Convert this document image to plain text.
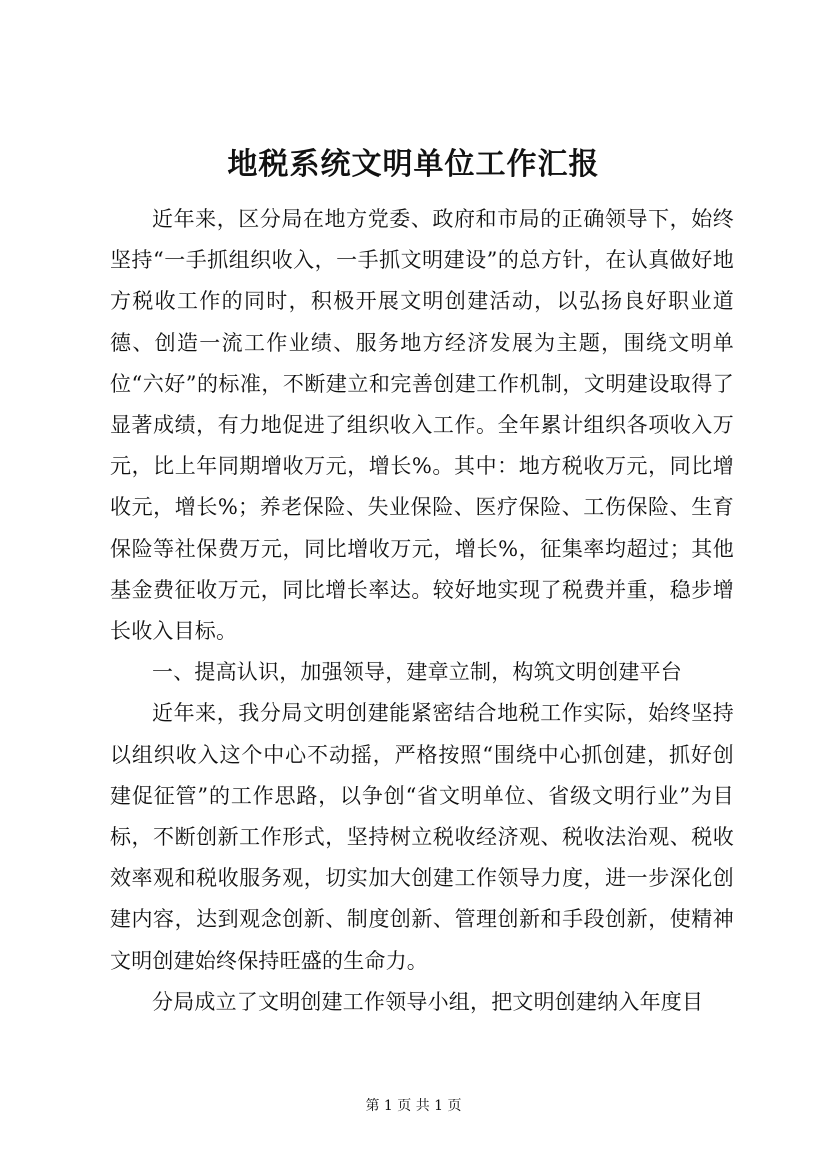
地税系统文明单位工作汇报

近年来，区分局在地方党委、政府和市局的正确领导下，始终坚持“一手抓组织收入，一手抓文明建设”的总方针，在认真做好地方税收工作的同时，积极开展文明创建活动，以弘扬良好职业道德、创造一流工作业绩、服务地方经济发展为主题，围绕文明单位“六好”的标准，不断建立和完善创建工作机制，文明建设取得了显著成绩，有力地促进了组织收入工作。全年累计组织各项收入万元，比上年同期增收万元，增长%。其中：地方税收万元，同比增收元，增长%；养老保险、失业保险、医疗保险、工伤保险、生育保险等社保费万元，同比增收万元，增长%，征集率均超过；其他基金费征收万元，同比增长率达。较好地实现了税费并重，稳步增长收入目标。

一、提高认识，加强领导，建章立制，构筑文明创建平台

近年来，我分局文明创建能紧密结合地税工作实际，始终坚持以组织收入这个中心不动摇，严格按照“围绕中心抓创建，抓好创建促征管”的工作思路，以争创“省文明单位、省级文明行业”为目标，不断创新工作形式，坚持树立税收经济观、税收法治观、税收效率观和税收服务观，切实加大创建工作领导力度，进一步深化创建内容，达到观念创新、制度创新、管理创新和手段创新，使精神文明创建始终保持旺盛的生命力。

分局成立了文明创建工作领导小组，把文明创建纳入年度目

第 1 页 共 1 页
